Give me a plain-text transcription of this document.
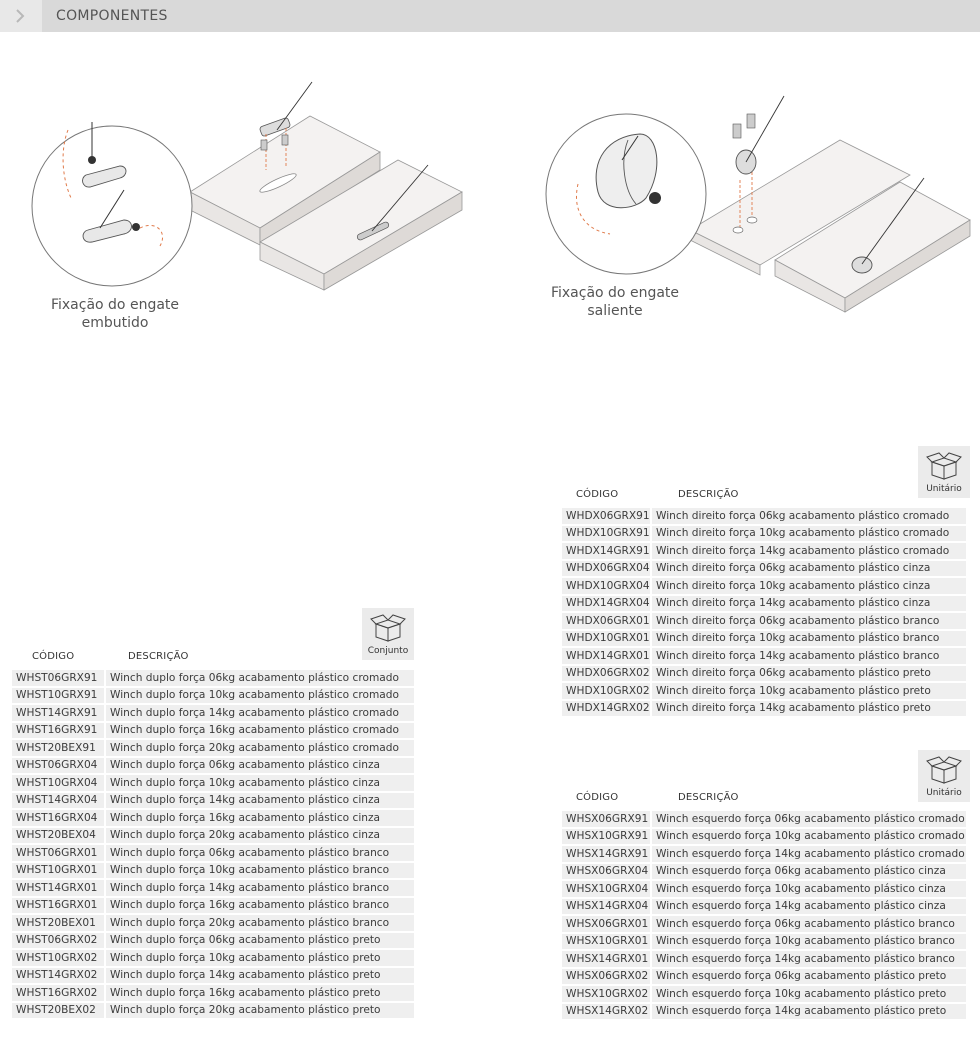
COMPONENTES
Fixação do engate
embutido
Fixação do engate
saliente
Conjunto
CÓDIGO	DESCRIÇÃO
WHST06GRX91	Winch duplo força 06kg acabamento plástico cromado
WHST10GRX91	Winch duplo força 10kg acabamento plástico cromado
WHST14GRX91	Winch duplo força 14kg acabamento plástico cromado
WHST16GRX91	Winch duplo força 16kg acabamento plástico cromado
WHST20BEX91	Winch duplo força 20kg acabamento plástico cromado
WHST06GRX04	Winch duplo força 06kg acabamento plástico cinza
WHST10GRX04	Winch duplo força 10kg acabamento plástico cinza
WHST14GRX04	Winch duplo força 14kg acabamento plástico cinza
WHST16GRX04	Winch duplo força 16kg acabamento plástico cinza
WHST20BEX04	Winch duplo força 20kg acabamento plástico cinza
WHST06GRX01	Winch duplo força 06kg acabamento plástico branco
WHST10GRX01	Winch duplo força 10kg acabamento plástico branco
WHST14GRX01	Winch duplo força 14kg acabamento plástico branco
WHST16GRX01	Winch duplo força 16kg acabamento plástico branco
WHST20BEX01	Winch duplo força 20kg acabamento plástico branco
WHST06GRX02	Winch duplo força 06kg acabamento plástico preto
WHST10GRX02	Winch duplo força 10kg acabamento plástico preto
WHST14GRX02	Winch duplo força 14kg acabamento plástico preto
WHST16GRX02	Winch duplo força 16kg acabamento plástico preto
WHST20BEX02	Winch duplo força 20kg acabamento plástico preto
Unitário
CÓDIGO	DESCRIÇÃO
WHDX06GRX91	Winch direito força 06kg acabamento plástico cromado
WHDX10GRX91	Winch direito força 10kg acabamento plástico cromado
WHDX14GRX91	Winch direito força 14kg acabamento plástico cromado
WHDX06GRX04	Winch direito força 06kg acabamento plástico cinza
WHDX10GRX04	Winch direito força 10kg acabamento plástico cinza
WHDX14GRX04	Winch direito força 14kg acabamento plástico cinza
WHDX06GRX01	Winch direito força 06kg acabamento plástico branco
WHDX10GRX01	Winch direito força 10kg acabamento plástico branco
WHDX14GRX01	Winch direito força 14kg acabamento plástico branco
WHDX06GRX02	Winch direito força 06kg acabamento plástico preto
WHDX10GRX02	Winch direito força 10kg acabamento plástico preto
WHDX14GRX02	Winch direito força 14kg acabamento plástico preto
Unitário
CÓDIGO	DESCRIÇÃO
WHSX06GRX91	Winch esquerdo força 06kg acabamento plástico cromado
WHSX10GRX91	Winch esquerdo força 10kg acabamento plástico cromado
WHSX14GRX91	Winch esquerdo força 14kg acabamento plástico cromado
WHSX06GRX04	Winch esquerdo força 06kg acabamento plástico cinza
WHSX10GRX04	Winch esquerdo força 10kg acabamento plástico cinza
WHSX14GRX04	Winch esquerdo força 14kg acabamento plástico cinza
WHSX06GRX01	Winch esquerdo força 06kg acabamento plástico branco
WHSX10GRX01	Winch esquerdo força 10kg acabamento plástico branco
WHSX14GRX01	Winch esquerdo força 14kg acabamento plástico branco
WHSX06GRX02	Winch esquerdo força 06kg acabamento plástico preto
WHSX10GRX02	Winch esquerdo força 10kg acabamento plástico preto
WHSX14GRX02	Winch esquerdo força 14kg acabamento plástico preto
